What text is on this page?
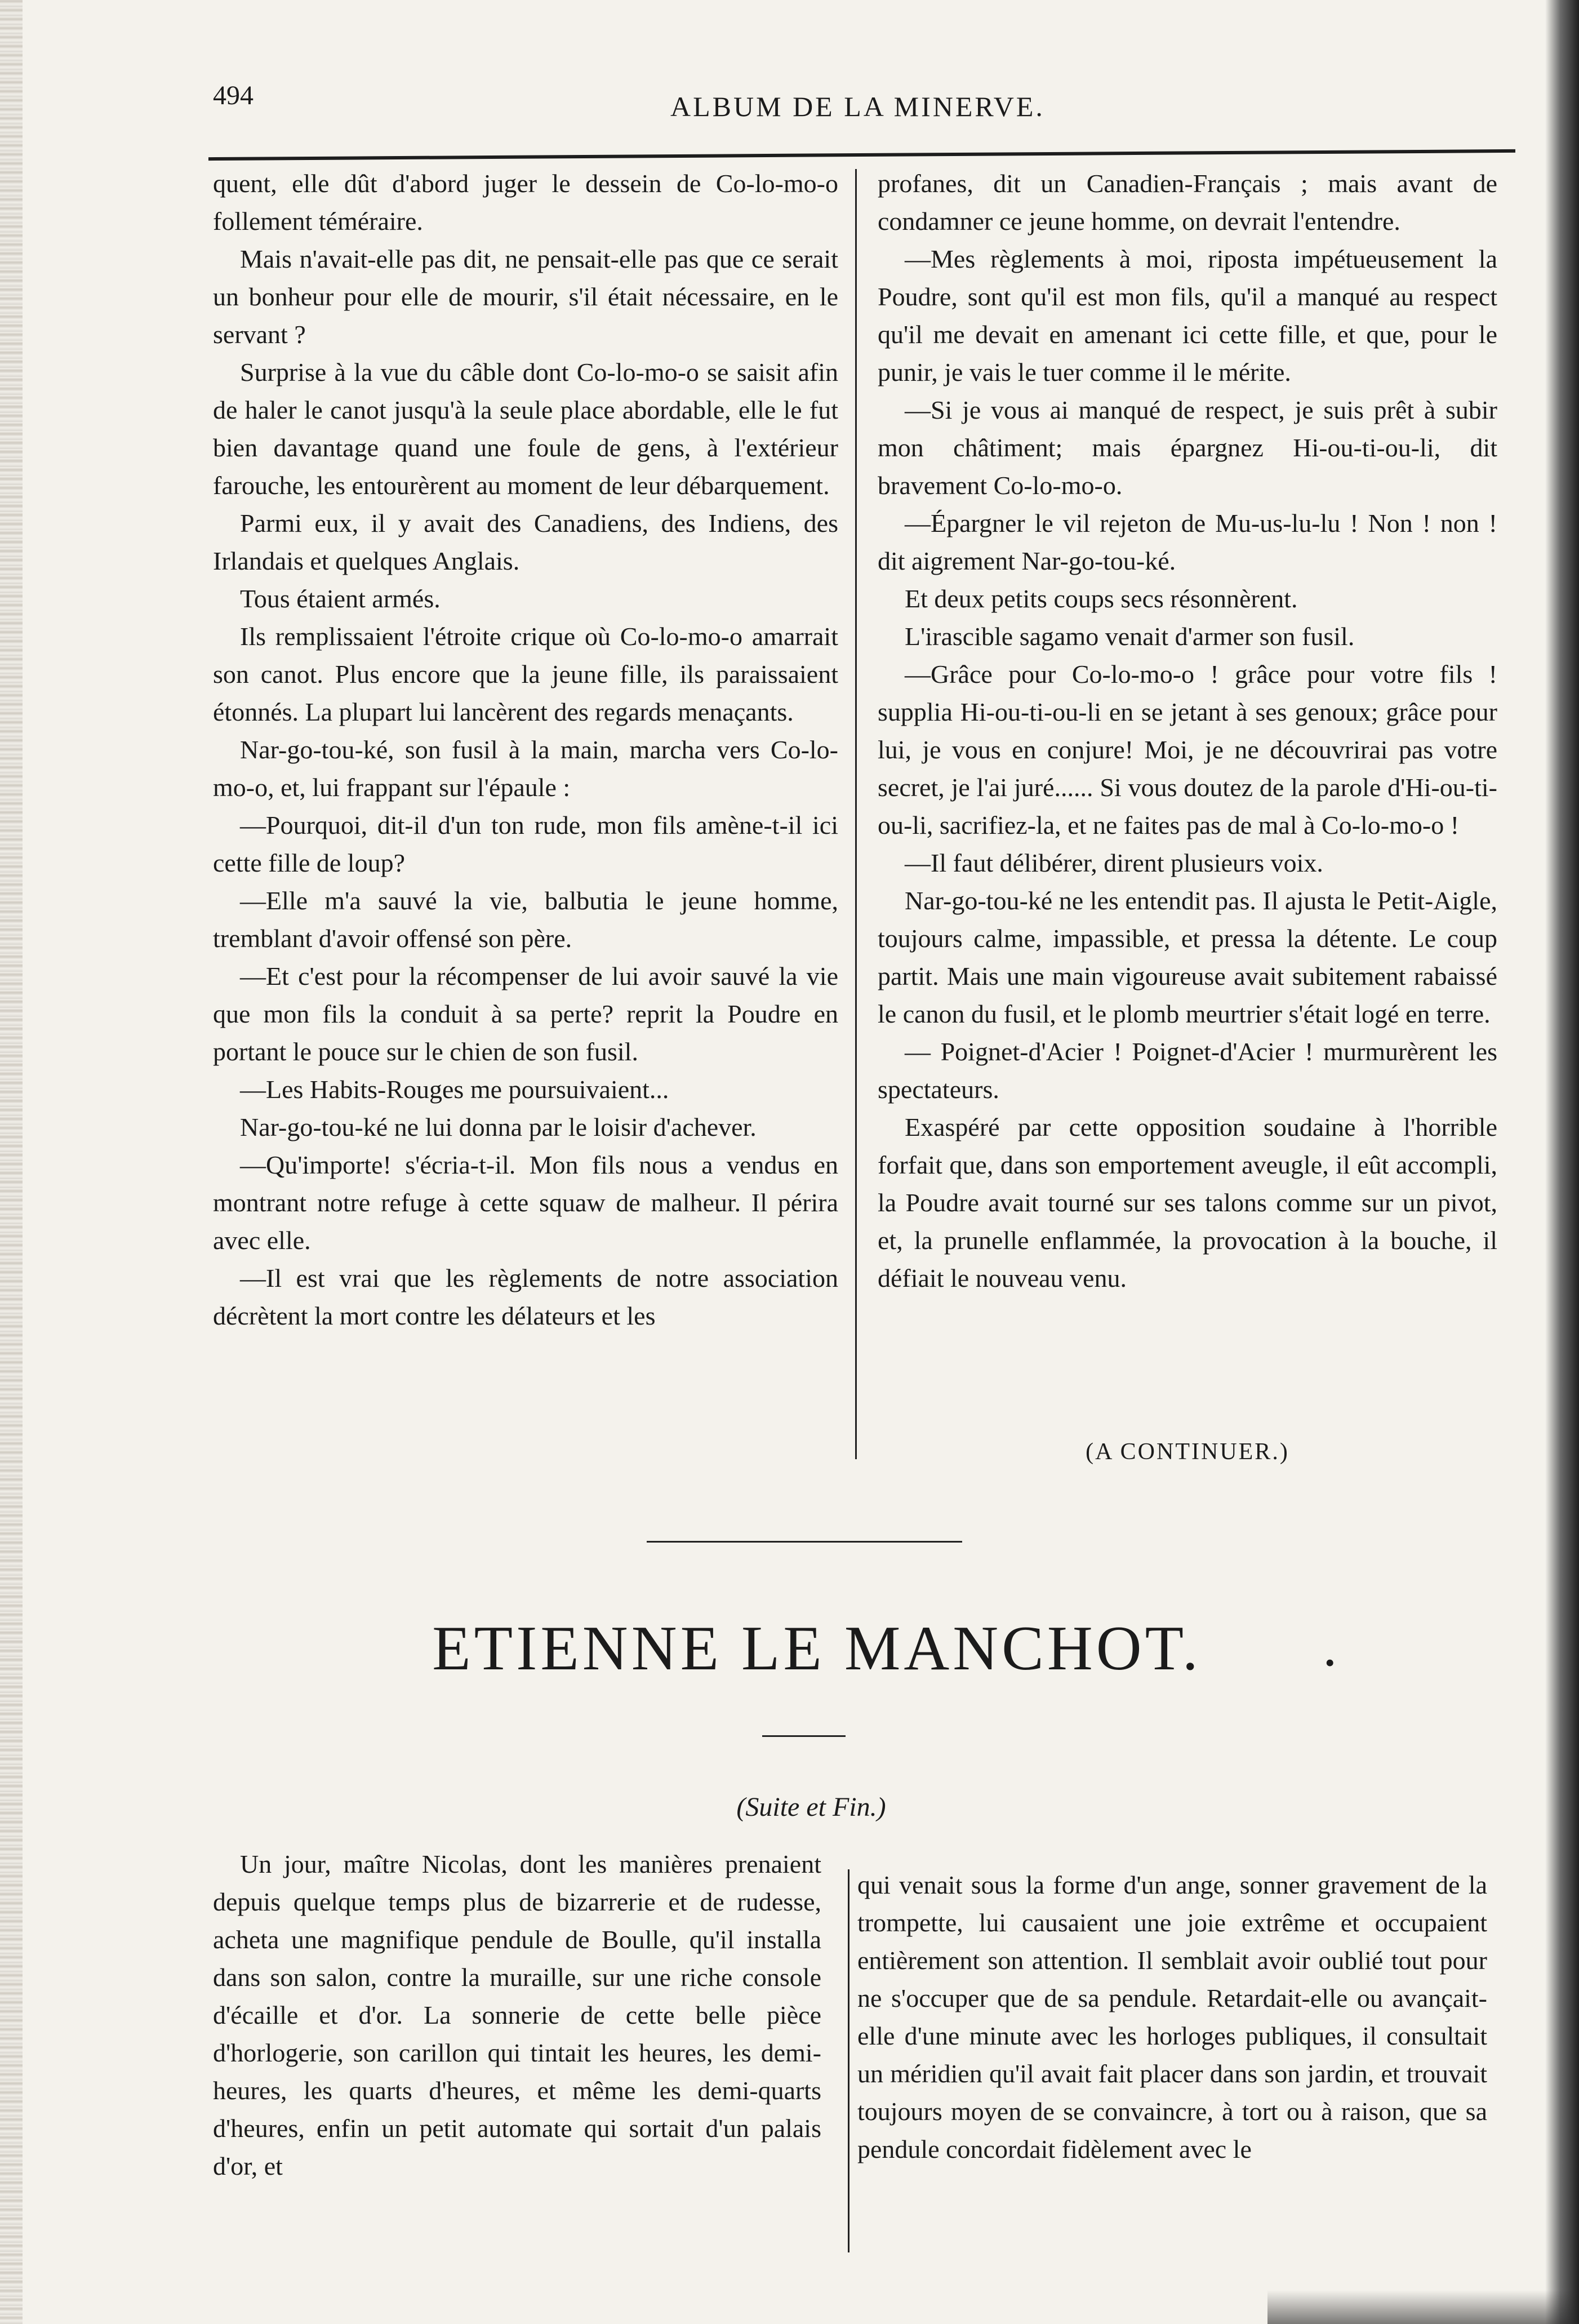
494	ALBUM DE LA MINERVE.

quent, elle dût d'abord juger le dessein de Co-lo-mo-o follement téméraire.

Mais n'avait-elle pas dit, ne pensait-elle pas que ce serait un bonheur pour elle de mourir, s'il était nécessaire, en le servant ?

Surprise à la vue du câble dont Co-lo-mo-o se saisit afin de haler le canot jusqu'à la seule place abordable, elle le fut bien davantage quand une foule de gens, à l'extérieur farouche, les entourèrent au moment de leur débarquement.

Parmi eux, il y avait des Canadiens, des Indiens, des Irlandais et quelques Anglais.

Tous étaient armés.

Ils remplissaient l'étroite crique où Co-lo-mo-o amarrait son canot. Plus encore que la jeune fille, ils paraissaient étonnés. La plupart lui lancèrent des regards menaçants.

Nar-go-tou-ké, son fusil à la main, marcha vers Co-lo-mo-o, et, lui frappant sur l'épaule :

—Pourquoi, dit-il d'un ton rude, mon fils amène-t-il ici cette fille de loup?

—Elle m'a sauvé la vie, balbutia le jeune homme, tremblant d'avoir offensé son père.

—Et c'est pour la récompenser de lui avoir sauvé la vie que mon fils la conduit à sa perte? reprit la Poudre en portant le pouce sur le chien de son fusil.

—Les Habits-Rouges me poursuivaient...

Nar-go-tou-ké ne lui donna par le loisir d'achever.

—Qu'importe! s'écria-t-il. Mon fils nous a vendus en montrant notre refuge à cette squaw de malheur. Il périra avec elle.

—Il est vrai que les règlements de notre association décrètent la mort contre les délateurs et les

profanes, dit un Canadien-Français ; mais avant de condamner ce jeune homme, on devrait l'entendre.

—Mes règlements à moi, riposta impétueusement la Poudre, sont qu'il est mon fils, qu'il a manqué au respect qu'il me devait en amenant ici cette fille, et que, pour le punir, je vais le tuer comme il le mérite.

—Si je vous ai manqué de respect, je suis prêt à subir mon châtiment; mais épargnez Hi-ou-ti-ou-li, dit bravement Co-lo-mo-o.

—Épargner le vil rejeton de Mu-us-lu-lu ! Non ! non ! dit aigrement Nar-go-tou-ké.

Et deux petits coups secs résonnèrent.

L'irascible sagamo venait d'armer son fusil.

—Grâce pour Co-lo-mo-o ! grâce pour votre fils ! supplia Hi-ou-ti-ou-li en se jetant à ses genoux; grâce pour lui, je vous en conjure! Moi, je ne découvrirai pas votre secret, je l'ai juré...... Si vous doutez de la parole d'Hi-ou-ti-ou-li, sacrifiez-la, et ne faites pas de mal à Co-lo-mo-o !

—Il faut délibérer, dirent plusieurs voix.

Nar-go-tou-ké ne les entendit pas. Il ajusta le Petit-Aigle, toujours calme, impassible, et pressa la détente. Le coup partit. Mais une main vigoureuse avait subitement rabaissé le canon du fusil, et le plomb meurtrier s'était logé en terre.

— Poignet-d'Acier ! Poignet-d'Acier ! murmurèrent les spectateurs.

Exaspéré par cette opposition soudaine à l'horrible forfait que, dans son emportement aveugle, il eût accompli, la Poudre avait tourné sur ses talons comme sur un pivot, et, la prunelle enflammée, la provocation à la bouche, il défiait le nouveau venu.

(A CONTINUER.)
ETIENNE LE MANCHOT.	•
(Suite et Fin.)

Un jour, maître Nicolas, dont les manières prenaient depuis quelque temps plus de bizarrerie et de rudesse, acheta une magnifique pendule de Boulle, qu'il installa dans son salon, contre la muraille, sur une riche console d'écaille et d'or. La sonnerie de cette belle pièce d'horlogerie, son carillon qui tintait les heures, les demi-heures, les quarts d'heures, et même les demi-quarts d'heures, enfin un petit automate qui sortait d'un palais d'or, et

qui venait sous la forme d'un ange, sonner gravement de la trompette, lui causaient une joie extrême et occupaient entièrement son attention. Il semblait avoir oublié tout pour ne s'occuper que de sa pendule. Retardait-elle ou avançait-elle d'une minute avec les horloges publiques, il consultait un méridien qu'il avait fait placer dans son jardin, et trouvait toujours moyen de se convaincre, à tort ou à raison, que sa pendule concordait fidèlement avec le
